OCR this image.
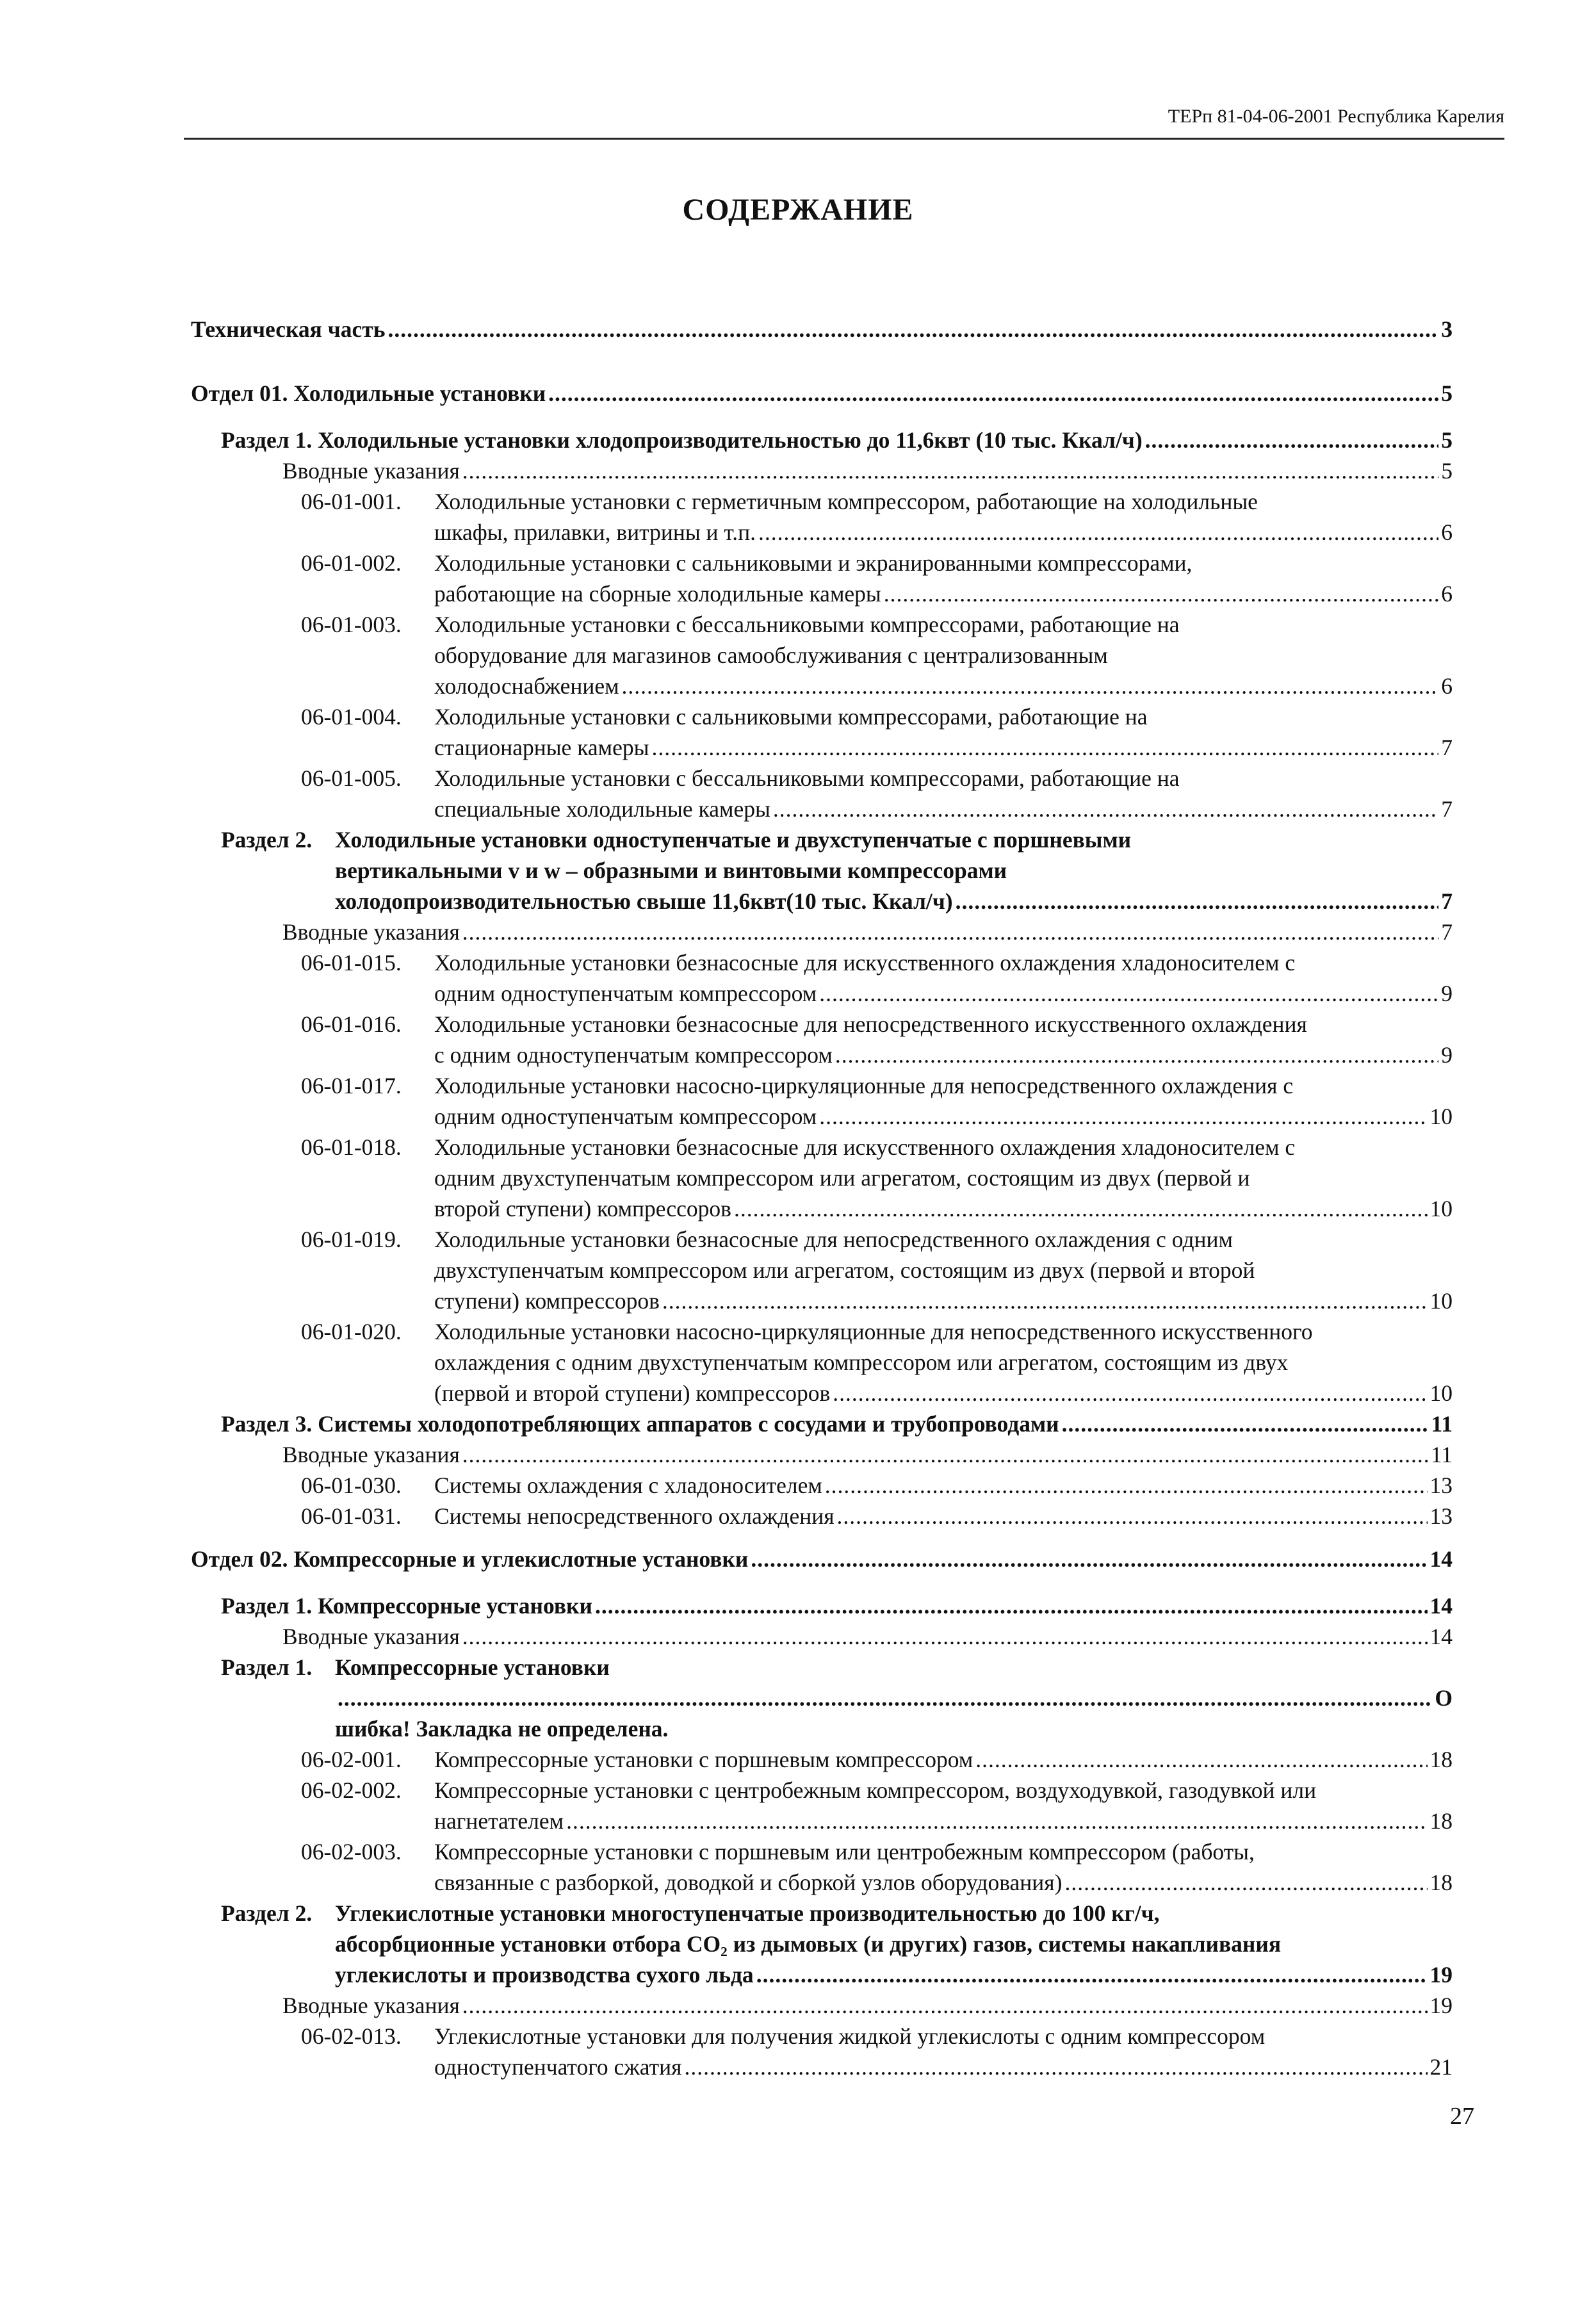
ТЕРп 81-04-06-2001 Республика Карелия
СОДЕРЖАНИЕ
Техническая часть .....	3
Отдел 01. Холодильные установки .....	5
Раздел 1. Холодильные установки хлодопроизводительностью до 11,6квт (10 тыс. Ккал/ч) .....	5
Вводные указания .....	5
06-01-001. Холодильные установки с герметичным компрессором, работающие на холодильные
шкафы, прилавки, витрины и т.п. .....	6
06-01-002. Холодильные установки с сальниковыми и экранированными компрессорами,
работающие на сборные холодильные камеры .....	6
06-01-003. Холодильные установки с бессальниковыми компрессорами, работающие на
оборудование для магазинов самообслуживания с централизованным
холодоснабжением .....	6
06-01-004. Холодильные установки с сальниковыми компрессорами, работающие на
стационарные камеры .....	7
06-01-005. Холодильные установки с бессальниковыми компрессорами, работающие на
специальные холодильные камеры .....	7
Раздел 2. Холодильные установки одноступенчатые и двухступенчатые с поршневыми
вертикальными v и w – образными и винтовыми компрессорами
холодопроизводительностью свыше 11,6квт(10 тыс. Ккал/ч) .....	7
Вводные указания .....	7
06-01-015. Холодильные установки безнасосные для искусственного охлаждения хладоносителем с
одним одноступенчатым компрессором .....	9
06-01-016. Холодильные установки безнасосные для непосредственного искусственного охлаждения
с одним одноступенчатым компрессором .....	9
06-01-017. Холодильные установки насосно-циркуляционные для непосредственного охлаждения с
одним одноступенчатым компрессором .....	10
06-01-018. Холодильные установки безнасосные для искусственного охлаждения хладоносителем с
одним двухступенчатым компрессором или агрегатом, состоящим из двух (первой и
второй ступени) компрессоров .....	10
06-01-019. Холодильные установки безнасосные для непосредственного охлаждения с одним
двухступенчатым компрессором или агрегатом, состоящим из двух (первой и второй
ступени) компрессоров .....	10
06-01-020. Холодильные установки насосно-циркуляционные для непосредственного искусственного
охлаждения с одним двухступенчатым компрессором или агрегатом, состоящим из двух
(первой и второй ступени) компрессоров .....	10
Раздел 3. Системы холодопотребляющих аппаратов с сосудами и трубопроводами .....	11
Вводные указания .....	11
06-01-030. Системы охлаждения с хладоносителем .....	13
06-01-031. Системы непосредственного охлаждения .....	13
Отдел 02. Компрессорные и углекислотные установки .....	14
Раздел 1. Компрессорные установки .....	14
Вводные указания .....	14
Раздел 1. Компрессорные установки
.....
О
шибка! Закладка не определена.
06-02-001. Компрессорные установки с поршневым компрессором .....	18
06-02-002. Компрессорные установки с центробежным компрессором, воздуходувкой, газодувкой или
нагнетателем .....	18
06-02-003. Компрессорные установки с поршневым или центробежным компрессором (работы,
связанные с разборкой, доводкой и сборкой узлов оборудования) .....	18
Раздел 2. Углекислотные установки многоступенчатые производительностью до 100 кг/ч,
абсорбционные установки отбора CO₂ из дымовых (и других) газов, системы накапливания
углекислоты и производства сухого льда .....	19
Вводные указания .....	19
06-02-013. Углекислотные установки для получения жидкой углекислоты с одним компрессором
одноступенчатого сжатия .....	21
27
